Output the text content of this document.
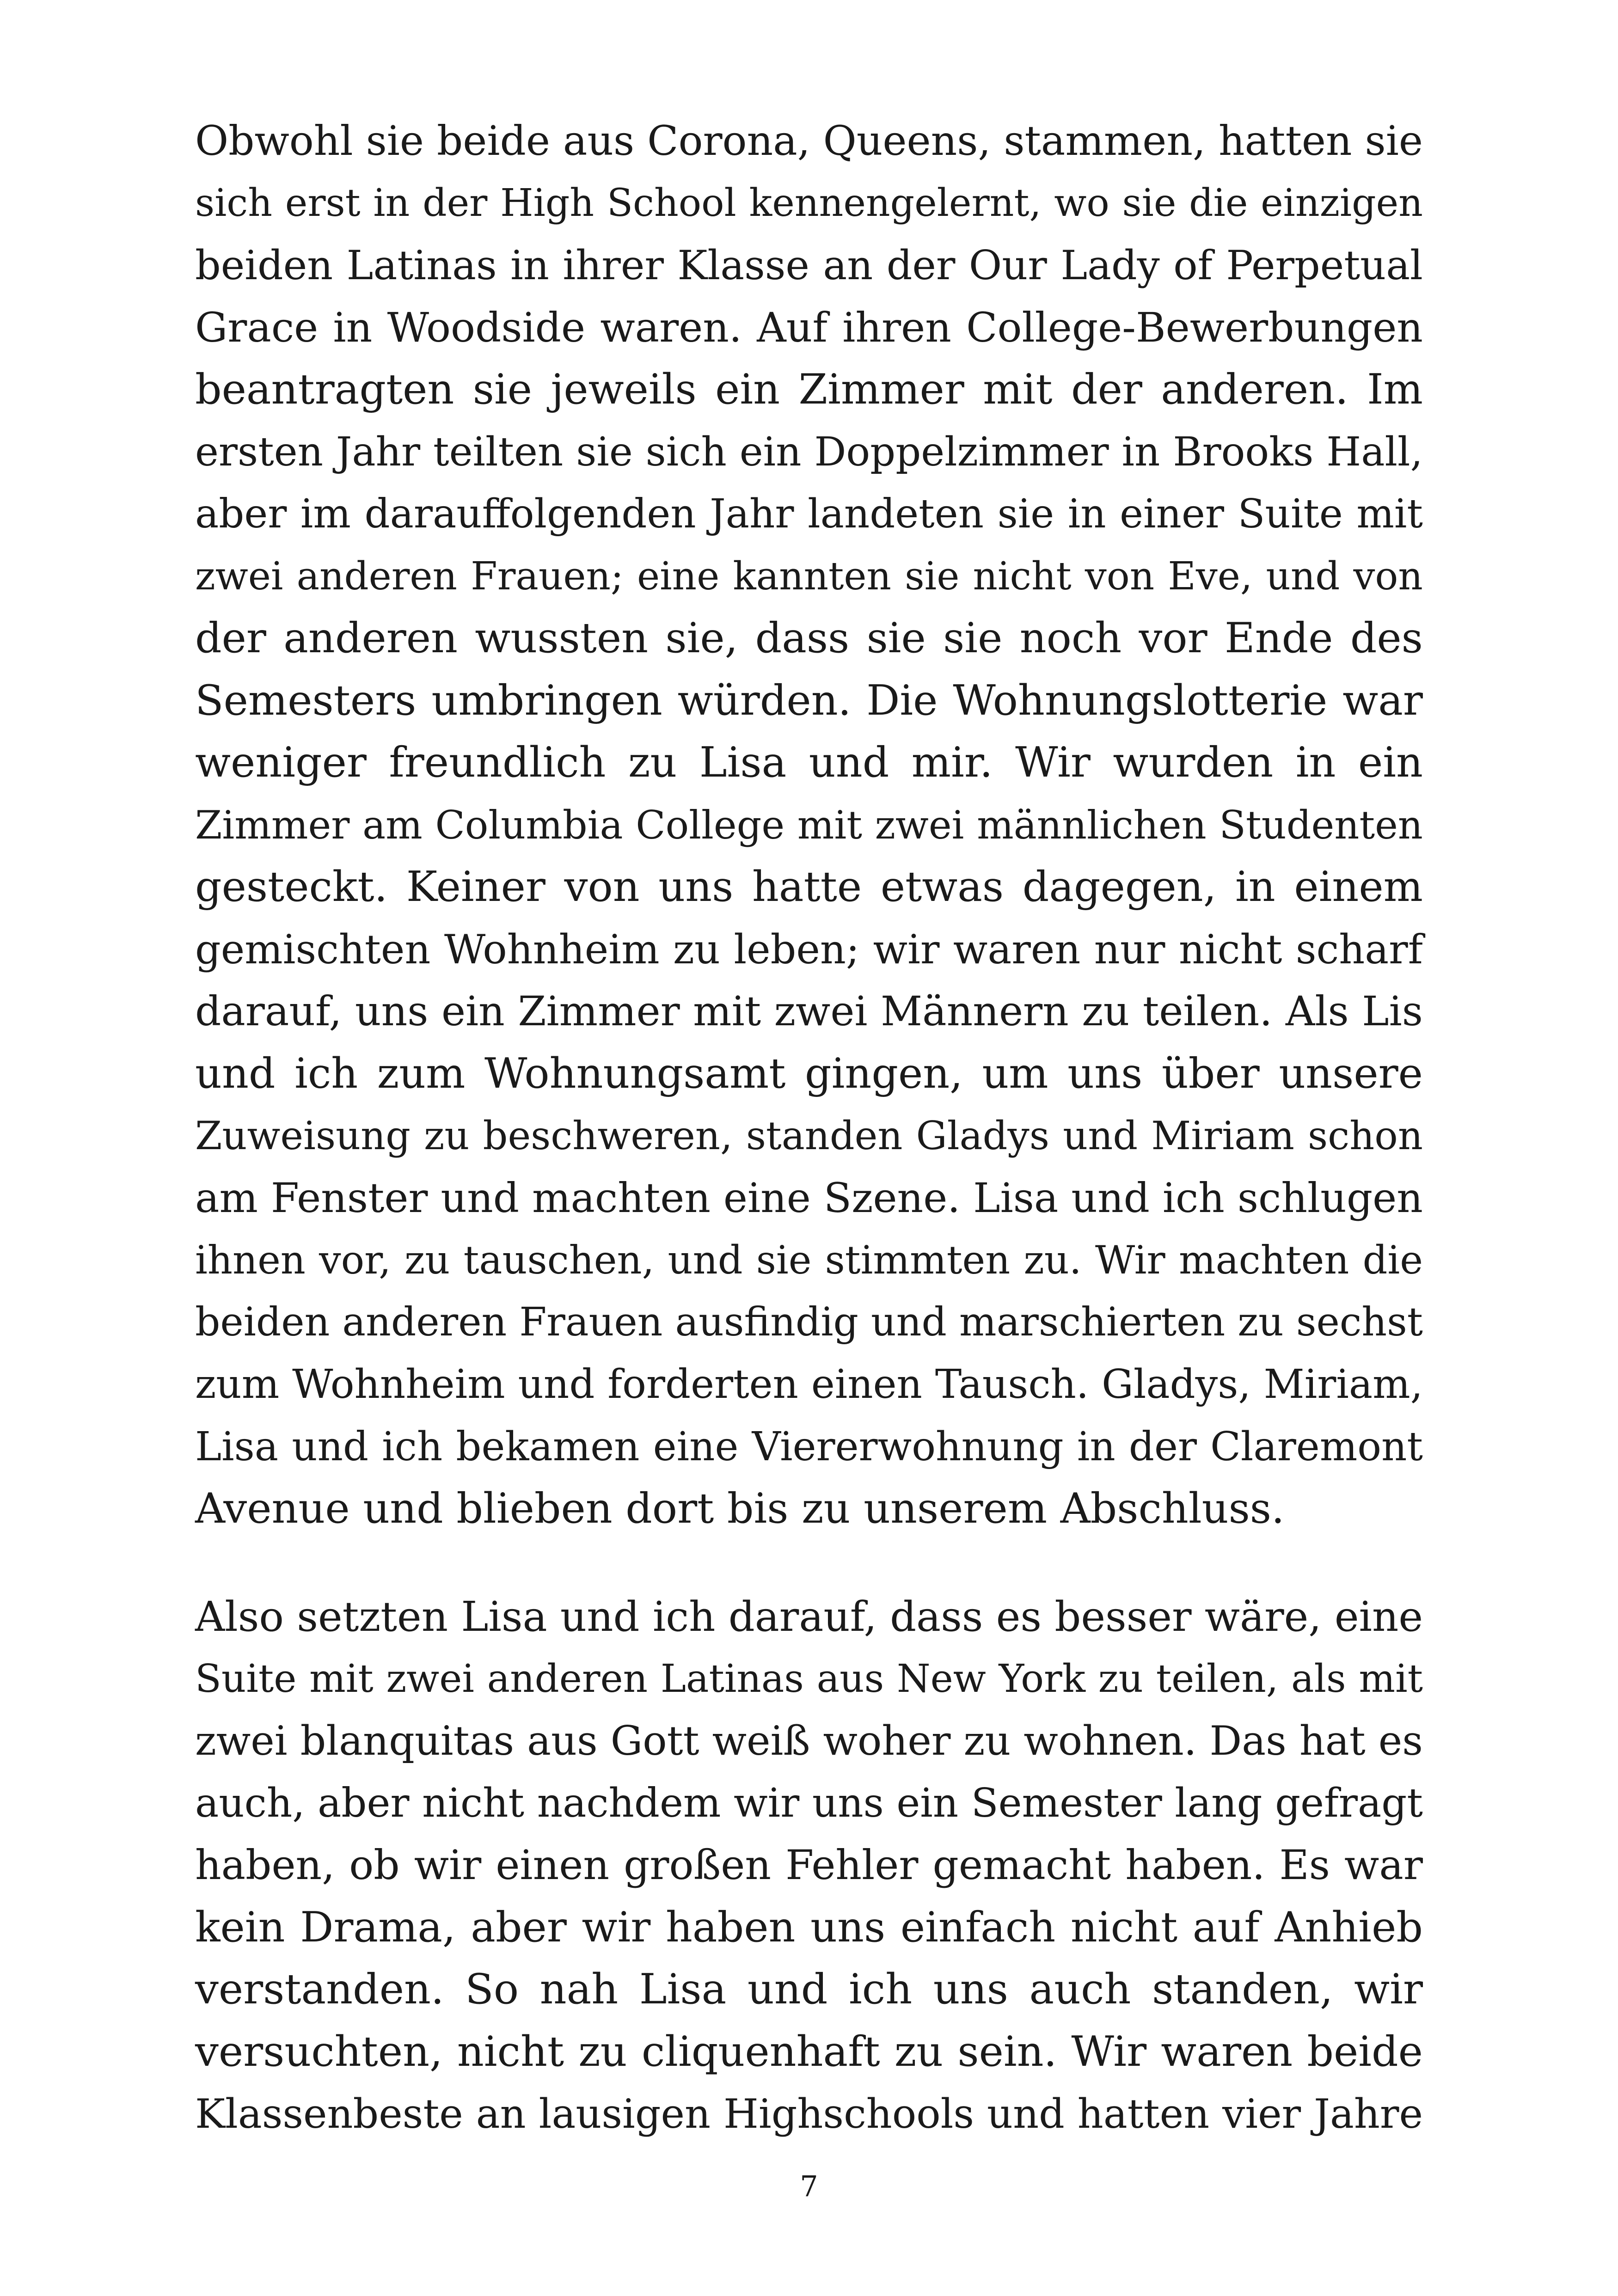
Obwohl sie beide aus Corona, Queens, stammen, hatten sie
sich erst in der High School kennengelernt, wo sie die einzigen
beiden Latinas in ihrer Klasse an der Our Lady of Perpetual
Grace in Woodside waren. Auf ihren College-Bewerbungen
beantragten sie jeweils ein Zimmer mit der anderen. Im
ersten Jahr teilten sie sich ein Doppelzimmer in Brooks Hall,
aber im darauffolgenden Jahr landeten sie in einer Suite mit
zwei anderen Frauen; eine kannten sie nicht von Eve, und von
der anderen wussten sie, dass sie sie noch vor Ende des
Semesters umbringen würden. Die Wohnungslotterie war
weniger freundlich zu Lisa und mir. Wir wurden in ein
Zimmer am Columbia College mit zwei männlichen Studenten
gesteckt. Keiner von uns hatte etwas dagegen, in einem
gemischten Wohnheim zu leben; wir waren nur nicht scharf
darauf, uns ein Zimmer mit zwei Männern zu teilen. Als Lis
und ich zum Wohnungsamt gingen, um uns über unsere
Zuweisung zu beschweren, standen Gladys und Miriam schon
am Fenster und machten eine Szene. Lisa und ich schlugen
ihnen vor, zu tauschen, und sie stimmten zu. Wir machten die
beiden anderen Frauen ausfindig und marschierten zu sechst
zum Wohnheim und forderten einen Tausch. Gladys, Miriam,
Lisa und ich bekamen eine Viererwohnung in der Claremont
Avenue und blieben dort bis zu unserem Abschluss.

Also setzten Lisa und ich darauf, dass es besser wäre, eine
Suite mit zwei anderen Latinas aus New York zu teilen, als mit
zwei blanquitas aus Gott weiß woher zu wohnen. Das hat es
auch, aber nicht nachdem wir uns ein Semester lang gefragt
haben, ob wir einen großen Fehler gemacht haben. Es war
kein Drama, aber wir haben uns einfach nicht auf Anhieb
verstanden. So nah Lisa und ich uns auch standen, wir
versuchten, nicht zu cliquenhaft zu sein. Wir waren beide
Klassenbeste an lausigen Highschools und hatten vier Jahre

7
